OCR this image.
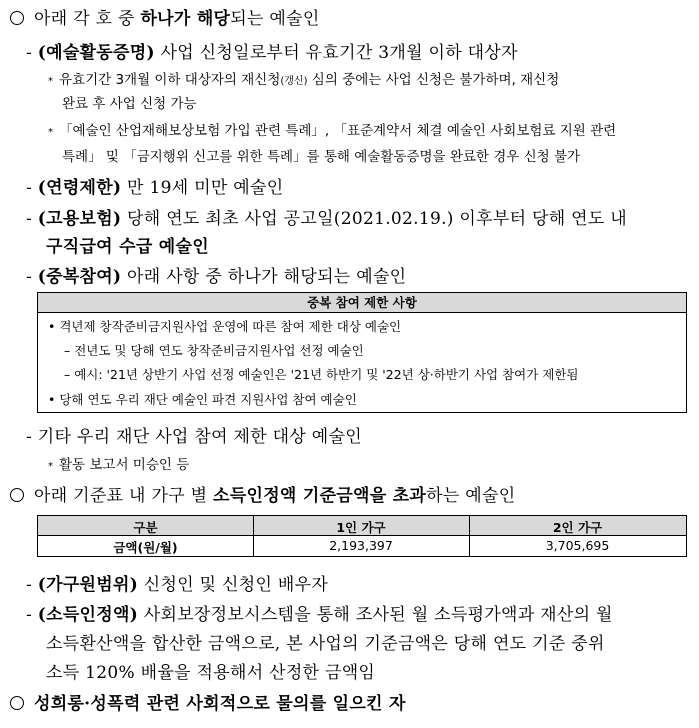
아래 각 호 중 하나가 해당되는 예술인
- (예술활동증명) 사업 신청일로부터 유효기간 3개월 이하 대상자
* 유효기간 3개월 이하 대상자의 재신청(갱신) 심의 중에는 사업 신청은 불가하며, 재신청
완료 후 사업 신청 가능
* 「예술인 산업재해보상보험 가입 관련 특례」, 「표준계약서 체결 예술인 사회보험료 지원 관련
특례」 및 「금지행위 신고를 위한 특례」를 통해 예술활동증명을 완료한 경우 신청 불가
- (연령제한) 만 19세 미만 예술인
- (고용보험) 당해 연도 최초 사업 공고일(2021.02.19.) 이후부터 당해 연도 내
구직급여 수급 예술인
- (중복참여) 아래 사항 중 하나가 해당되는 예술인
중복 참여 제한 사항
• 격년제 창작준비금지원사업 운영에 따른 참여 제한 대상 예술인
– 전년도 및 당해 연도 창작준비금지원사업 선정 예술인
– 예시: '21년 상반기 사업 선정 예술인은 '21년 하반기 및 '22년 상·하반기 사업 참여가 제한됨
• 당해 연도 우리 재단 예술인 파견 지원사업 참여 예술인
- 기타 우리 재단 사업 참여 제한 대상 예술인
* 활동 보고서 미승인 등
아래 기준표 내 가구 별 소득인정액 기준금액을 초과하는 예술인
구분	1인 가구	2인 가구
금액(원/월)	2,193,397	3,705,695
- (가구원범위) 신청인 및 신청인 배우자
- (소득인정액) 사회보장정보시스템을 통해 조사된 월 소득평가액과 재산의 월
소득환산액을 합산한 금액으로, 본 사업의 기준금액은 당해 연도 기준 중위
소득 120% 배율을 적용해서 산정한 금액임
성희롱·성폭력 관련 사회적으로 물의를 일으킨 자
